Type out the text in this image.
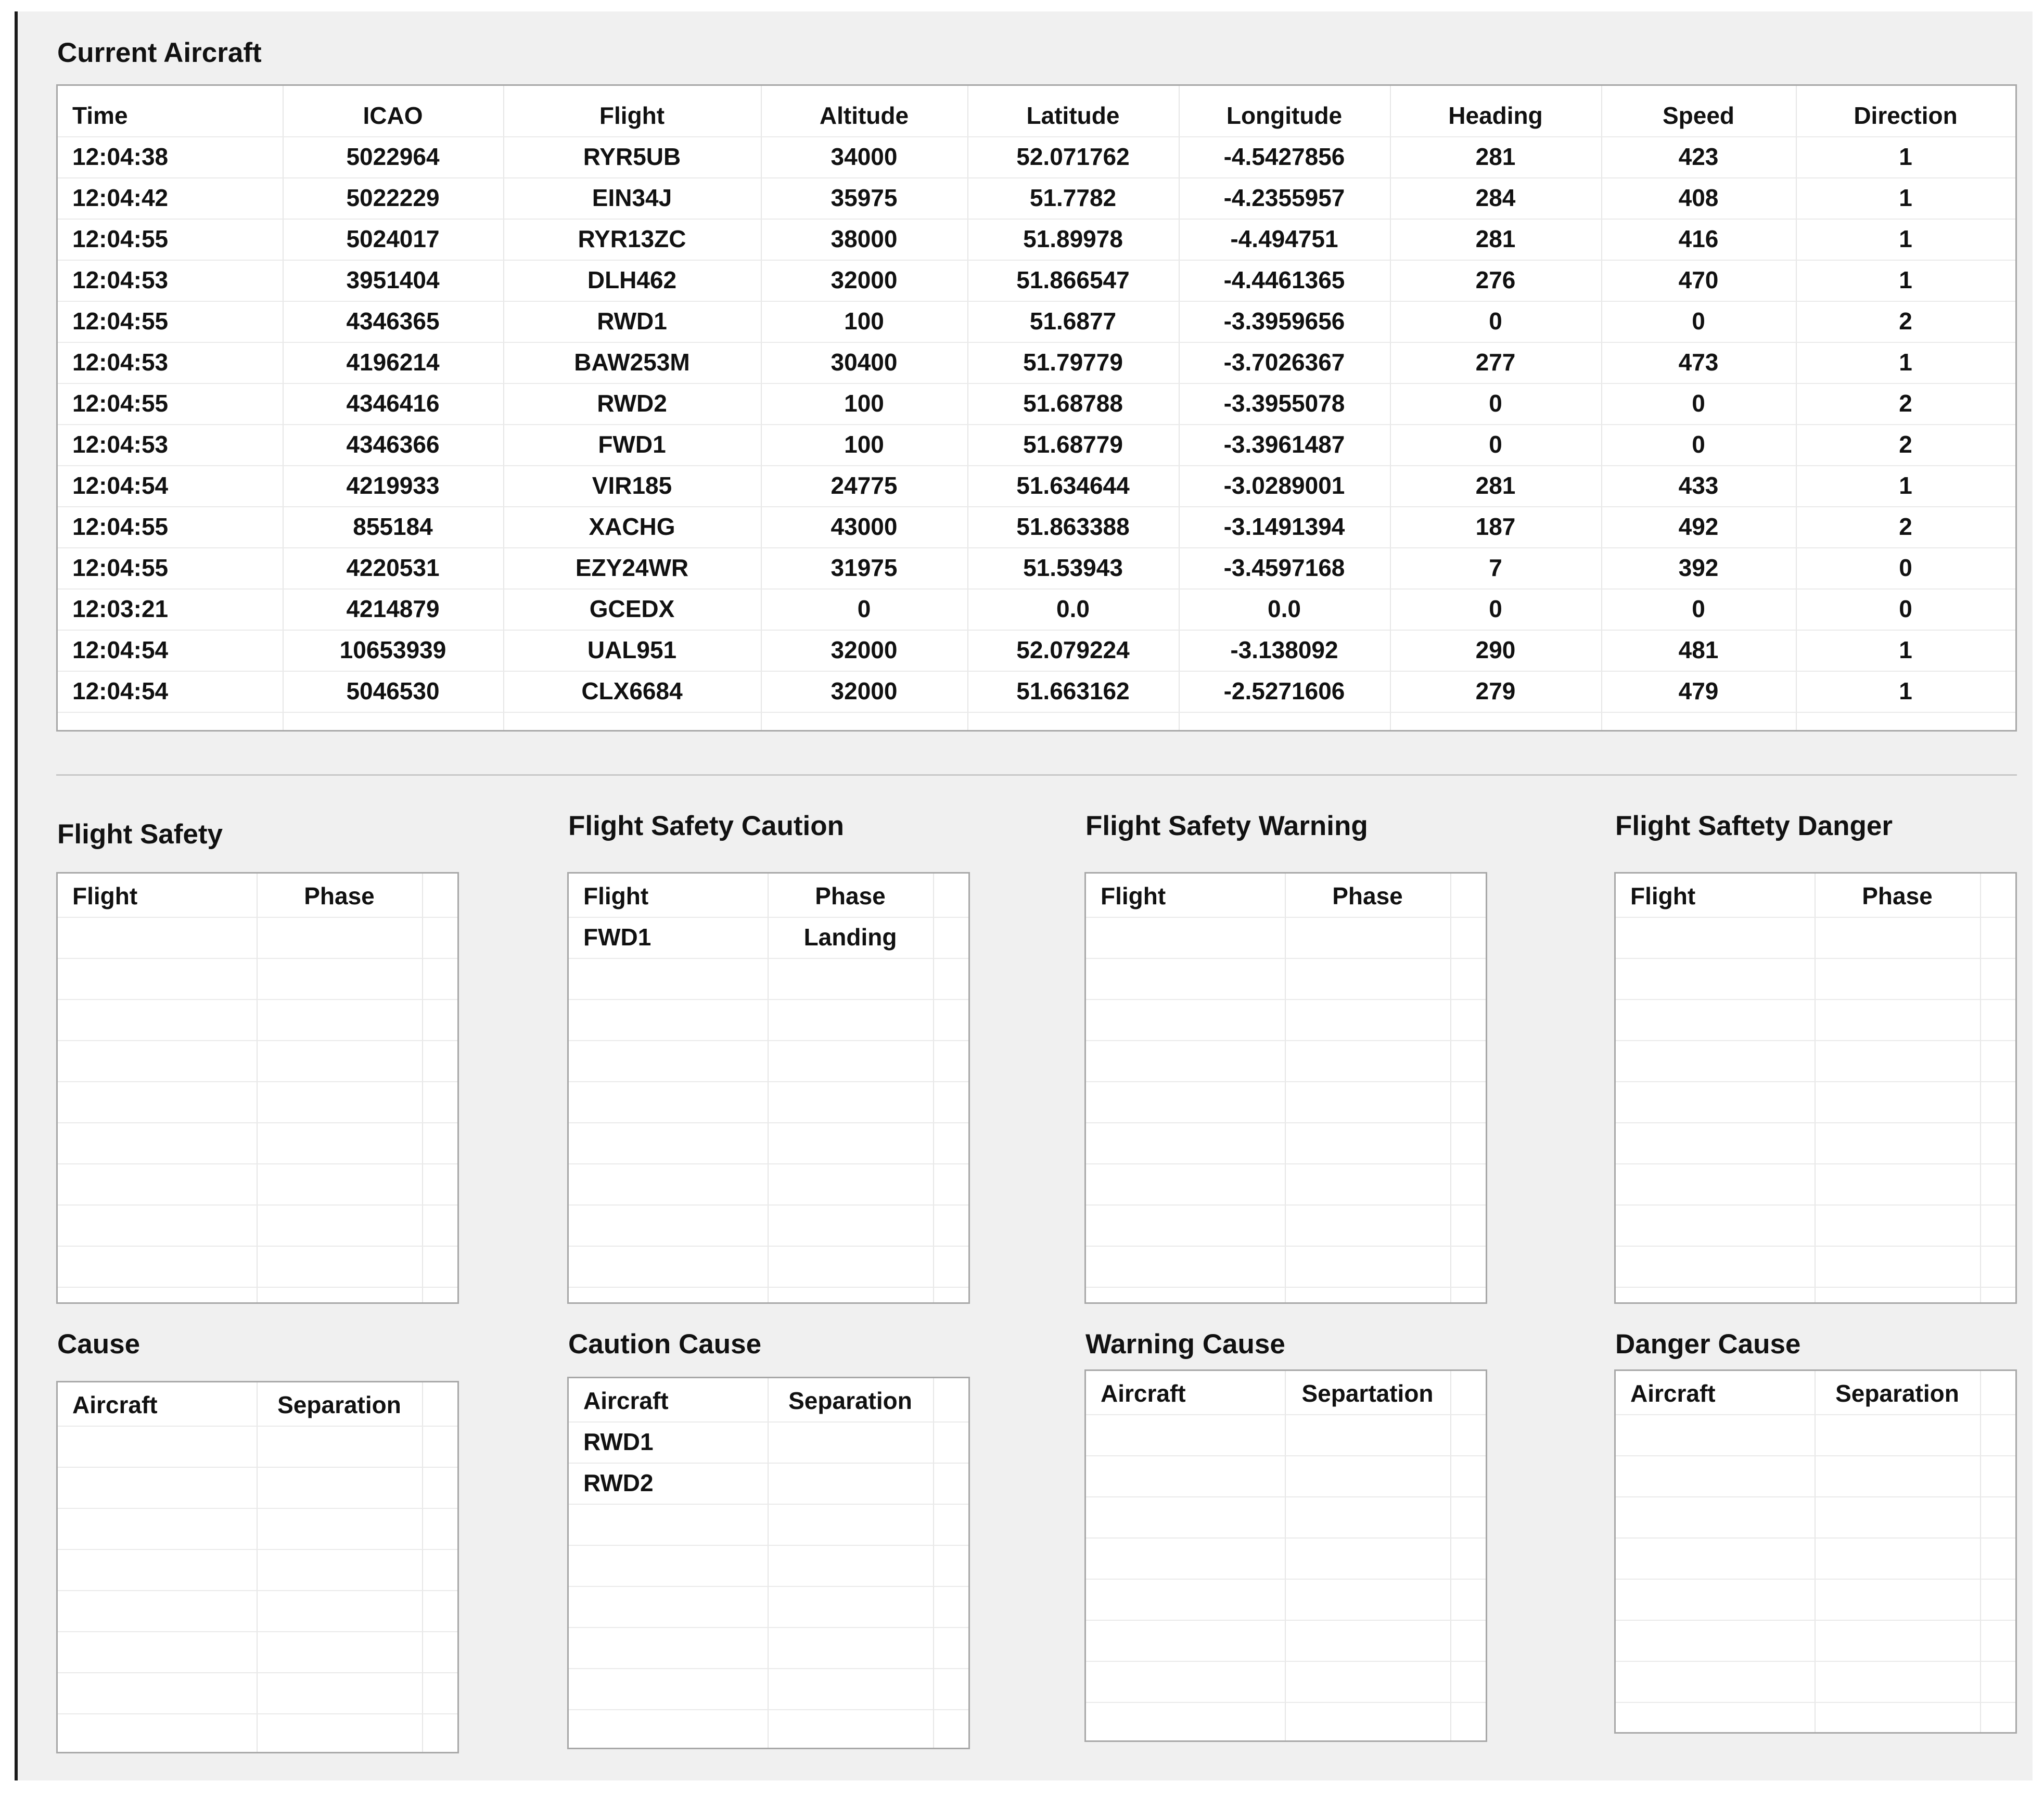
Current Aircraft
Time	ICAO	Flight	Altitude	Latitude	Longitude	Heading	Speed	Direction
12:04:38	5022964	RYR5UB	34000	52.071762	-4.5427856	281	423	1
12:04:42	5022229	EIN34J	35975	51.7782	-4.2355957	284	408	1
12:04:55	5024017	RYR13ZC	38000	51.89978	-4.494751	281	416	1
12:04:53	3951404	DLH462	32000	51.866547	-4.4461365	276	470	1
12:04:55	4346365	RWD1	100	51.6877	-3.3959656	0	0	2
12:04:53	4196214	BAW253M	30400	51.79779	-3.7026367	277	473	1
12:04:55	4346416	RWD2	100	51.68788	-3.3955078	0	0	2
12:04:53	4346366	FWD1	100	51.68779	-3.3961487	0	0	2
12:04:54	4219933	VIR185	24775	51.634644	-3.0289001	281	433	1
12:04:55	855184	XACHG	43000	51.863388	-3.1491394	187	492	2
12:04:55	4220531	EZY24WR	31975	51.53943	-3.4597168	7	392	0
12:03:21	4214879	GCEDX	0	0.0	0.0	0	0	0
12:04:54	10653939	UAL951	32000	52.079224	-3.138092	290	481	1
12:04:54	5046530	CLX6684	32000	51.663162	-2.5271606	279	479	1
Flight Safety
Flight	Phase
Flight Safety Caution
Flight	Phase
FWD1	Landing
Flight Safety Warning
Flight	Phase
Flight Saftety Danger
Flight	Phase
Cause
Aircraft	Separation
Caution Cause
Aircraft	Separation
RWD1
RWD2
Warning Cause
Aircraft	Separtation
Danger Cause
Aircraft	Separation
